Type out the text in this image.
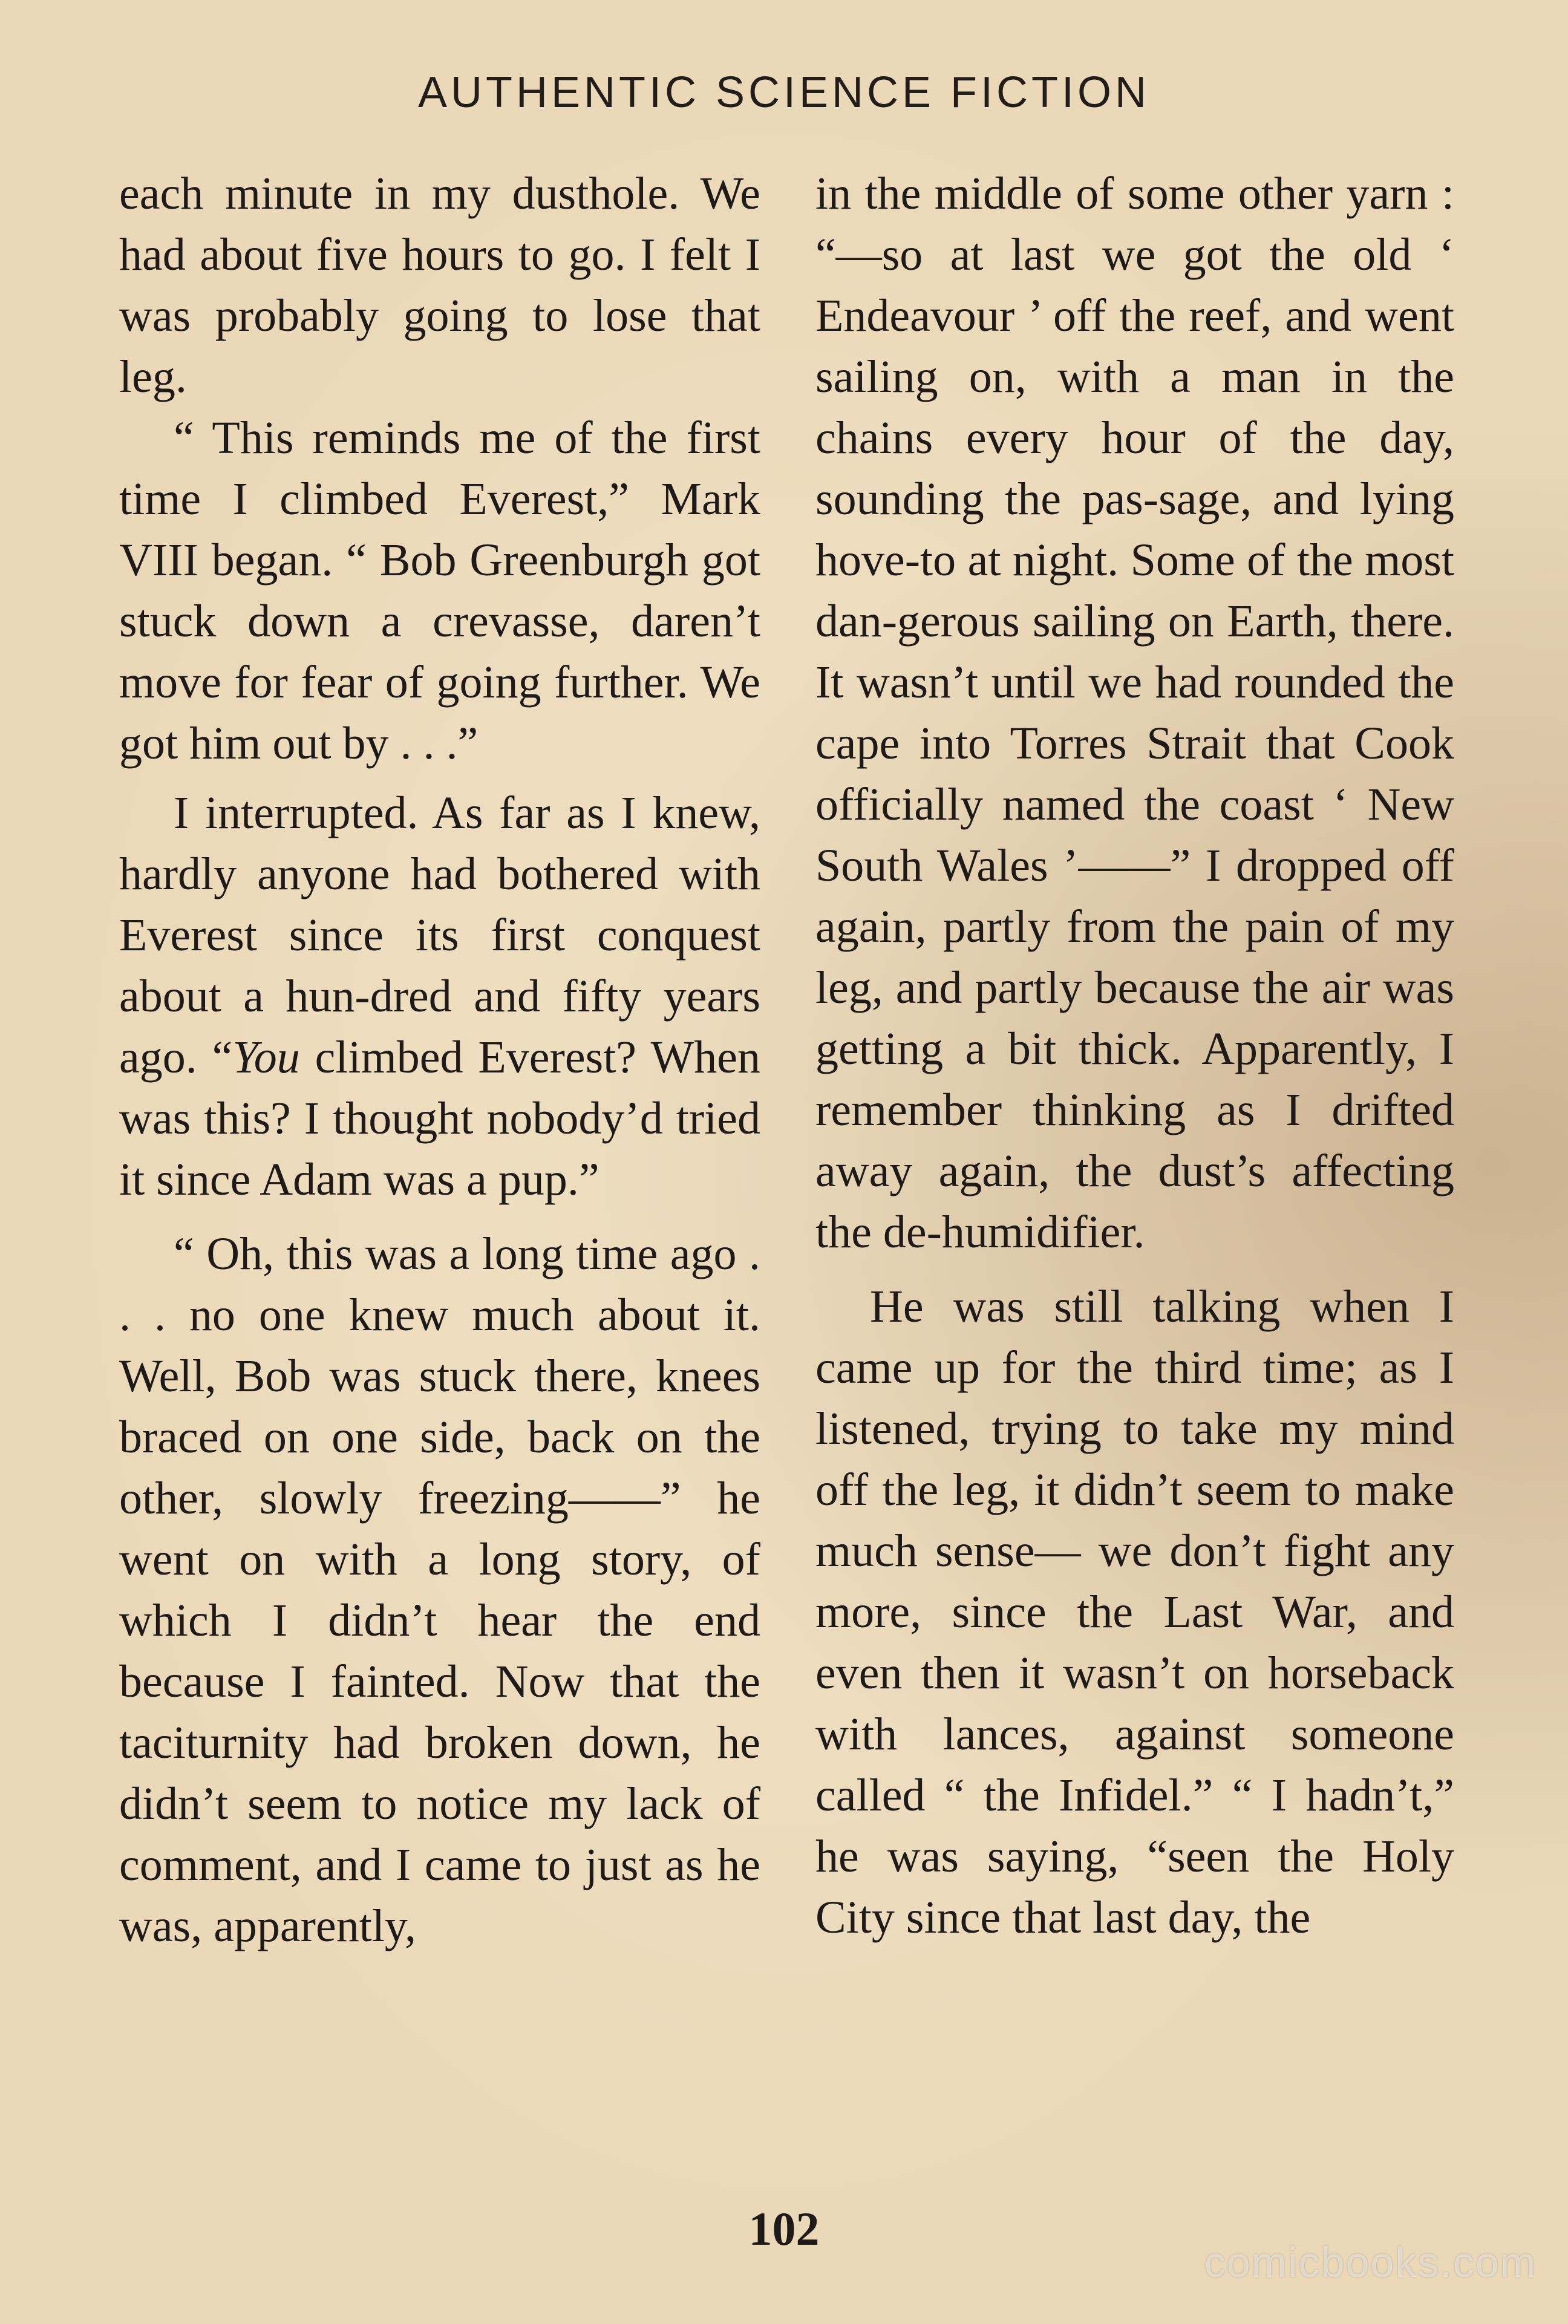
AUTHENTIC SCIENCE FICTION

each minute in my dusthole. We had about five hours to go. I felt I was probably going to lose that leg.

“ This reminds me of the first time I climbed Everest,” Mark VIII began. “ Bob Greenburgh got stuck down a crevasse, daren’t move for fear of going further. We got him out by . . .”

I interrupted. As far as I knew, hardly anyone had bothered with Everest since its first conquest about a hun-dred and fifty years ago. “You climbed Everest? When was this? I thought nobody’d tried it since Adam was a pup.”

“ Oh, this was a long time ago . . . no one knew much about it. Well, Bob was stuck there, knees braced on one side, back on the other, slowly freezing——” he went on with a long story, of which I didn’t hear the end because I fainted. Now that the taciturnity had broken down, he didn’t seem to notice my lack of comment, and I came to just as he was, apparently,

in the middle of some other yarn : “—so at last we got the old ‘ Endeavour ’ off the reef, and went sailing on, with a man in the chains every hour of the day, sounding the pas-sage, and lying hove-to at night. Some of the most dan-gerous sailing on Earth, there. It wasn’t until we had rounded the cape into Torres Strait that Cook officially named the coast ‘ New South Wales ’——” I dropped off again, partly from the pain of my leg, and partly because the air was getting a bit thick. Apparently, I remember thinking as I drifted away again, the dust’s affecting the de-humidifier.

He was still talking when I came up for the third time; as I listened, trying to take my mind off the leg, it didn’t seem to make much sense— we don’t fight any more, since the Last War, and even then it wasn’t on horseback with lances, against someone called “ the Infidel.” “ I hadn’t,” he was saying, “seen the Holy City since that last day, the

102
comicbooks.com
